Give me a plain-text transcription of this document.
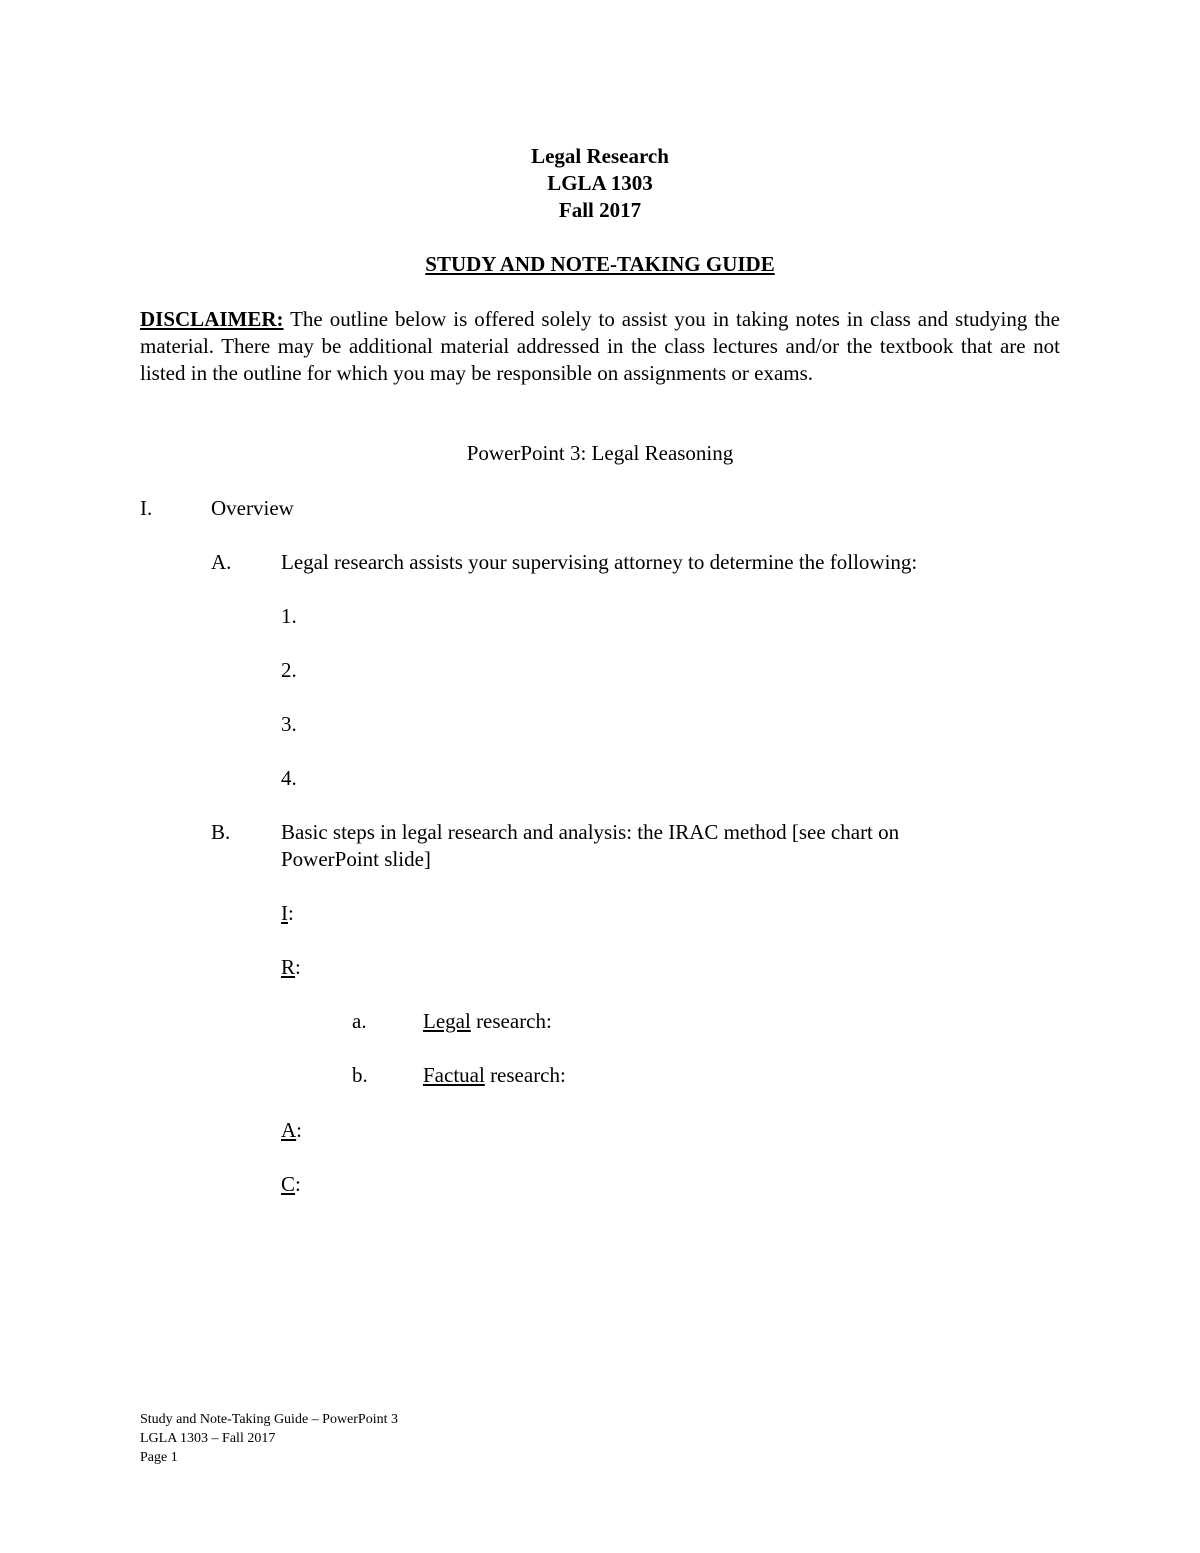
Legal Research
LGLA 1303
Fall 2017
STUDY AND NOTE-TAKING GUIDE
DISCLAIMER: The outline below is offered solely to assist you in taking notes in class and studying the material. There may be additional material addressed in the class lectures and/or the textbook that are not listed in the outline for which you may be responsible on assignments or exams.
PowerPoint 3: Legal Reasoning
I.	Overview
A. Legal research assists your supervising attorney to determine the following:
1.
2.
3.
4.
B. Basic steps in legal research and analysis: the IRAC method [see chart on
PowerPoint slide]
I:
R:
a.	Legal research:
b.	Factual research:
A:
C:
Study and Note-Taking Guide – PowerPoint 3
LGLA 1303 – Fall 2017
Page 1
